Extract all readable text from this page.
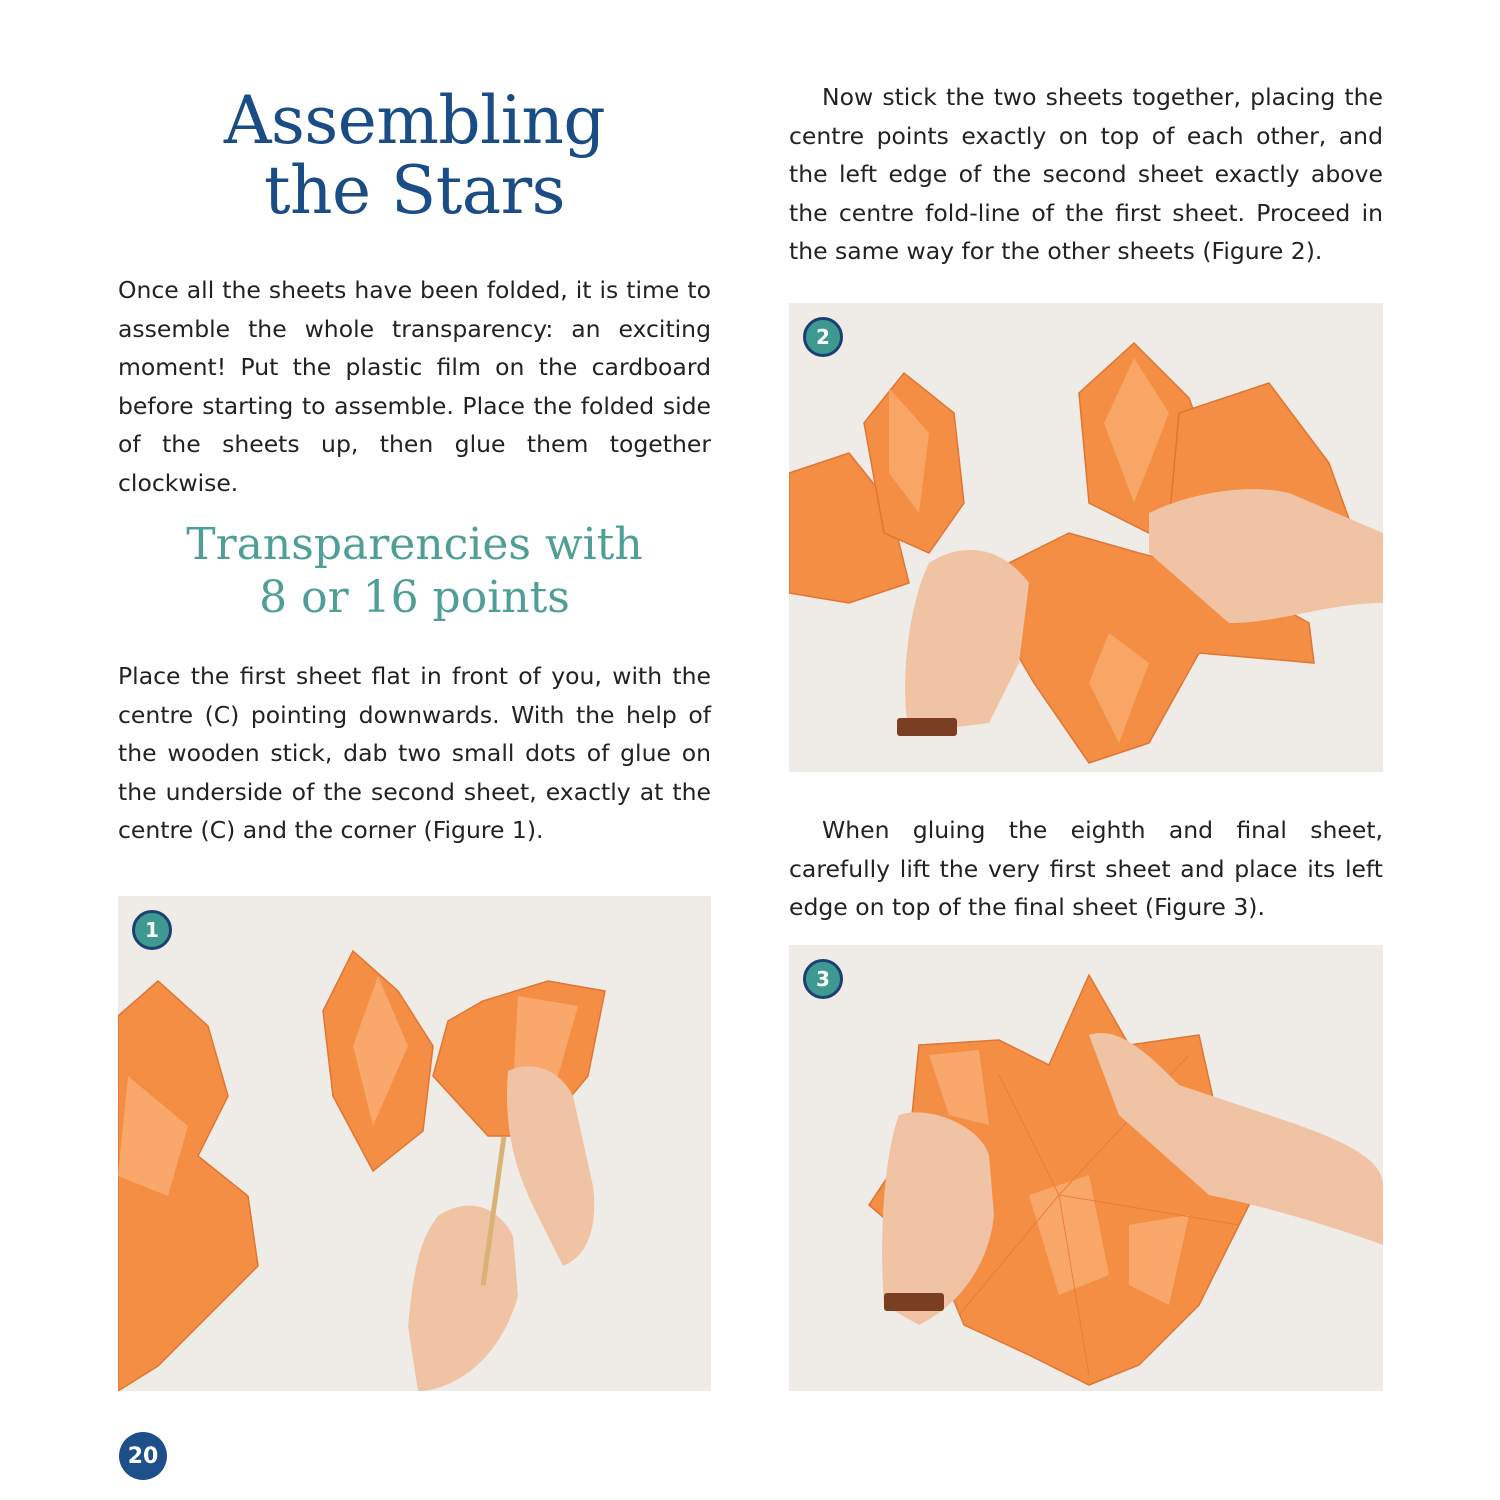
Assembling
the Stars

Once all the sheets have been folded, it is time to assemble the whole transparency: an exciting moment! Put the plastic film on the cardboard before starting to assemble. Place the folded side of the sheets up, then glue them together clockwise.

Transparencies with
8 or 16 points

Place the first sheet flat in front of you, with the centre (C) pointing downwards. With the help of the wooden stick, dab two small dots of glue on the underside of the second sheet, exactly at the centre (C) and the corner (Figure 1).

1

Now stick the two sheets together, placing the centre points exactly on top of each other, and the left edge of the second sheet exactly above the centre fold-line of the first sheet. Proceed in the same way for the other sheets (Figure 2).

2

When gluing the eighth and final sheet, carefully lift the very first sheet and place its left edge on top of the final sheet (Figure 3).

3
20
